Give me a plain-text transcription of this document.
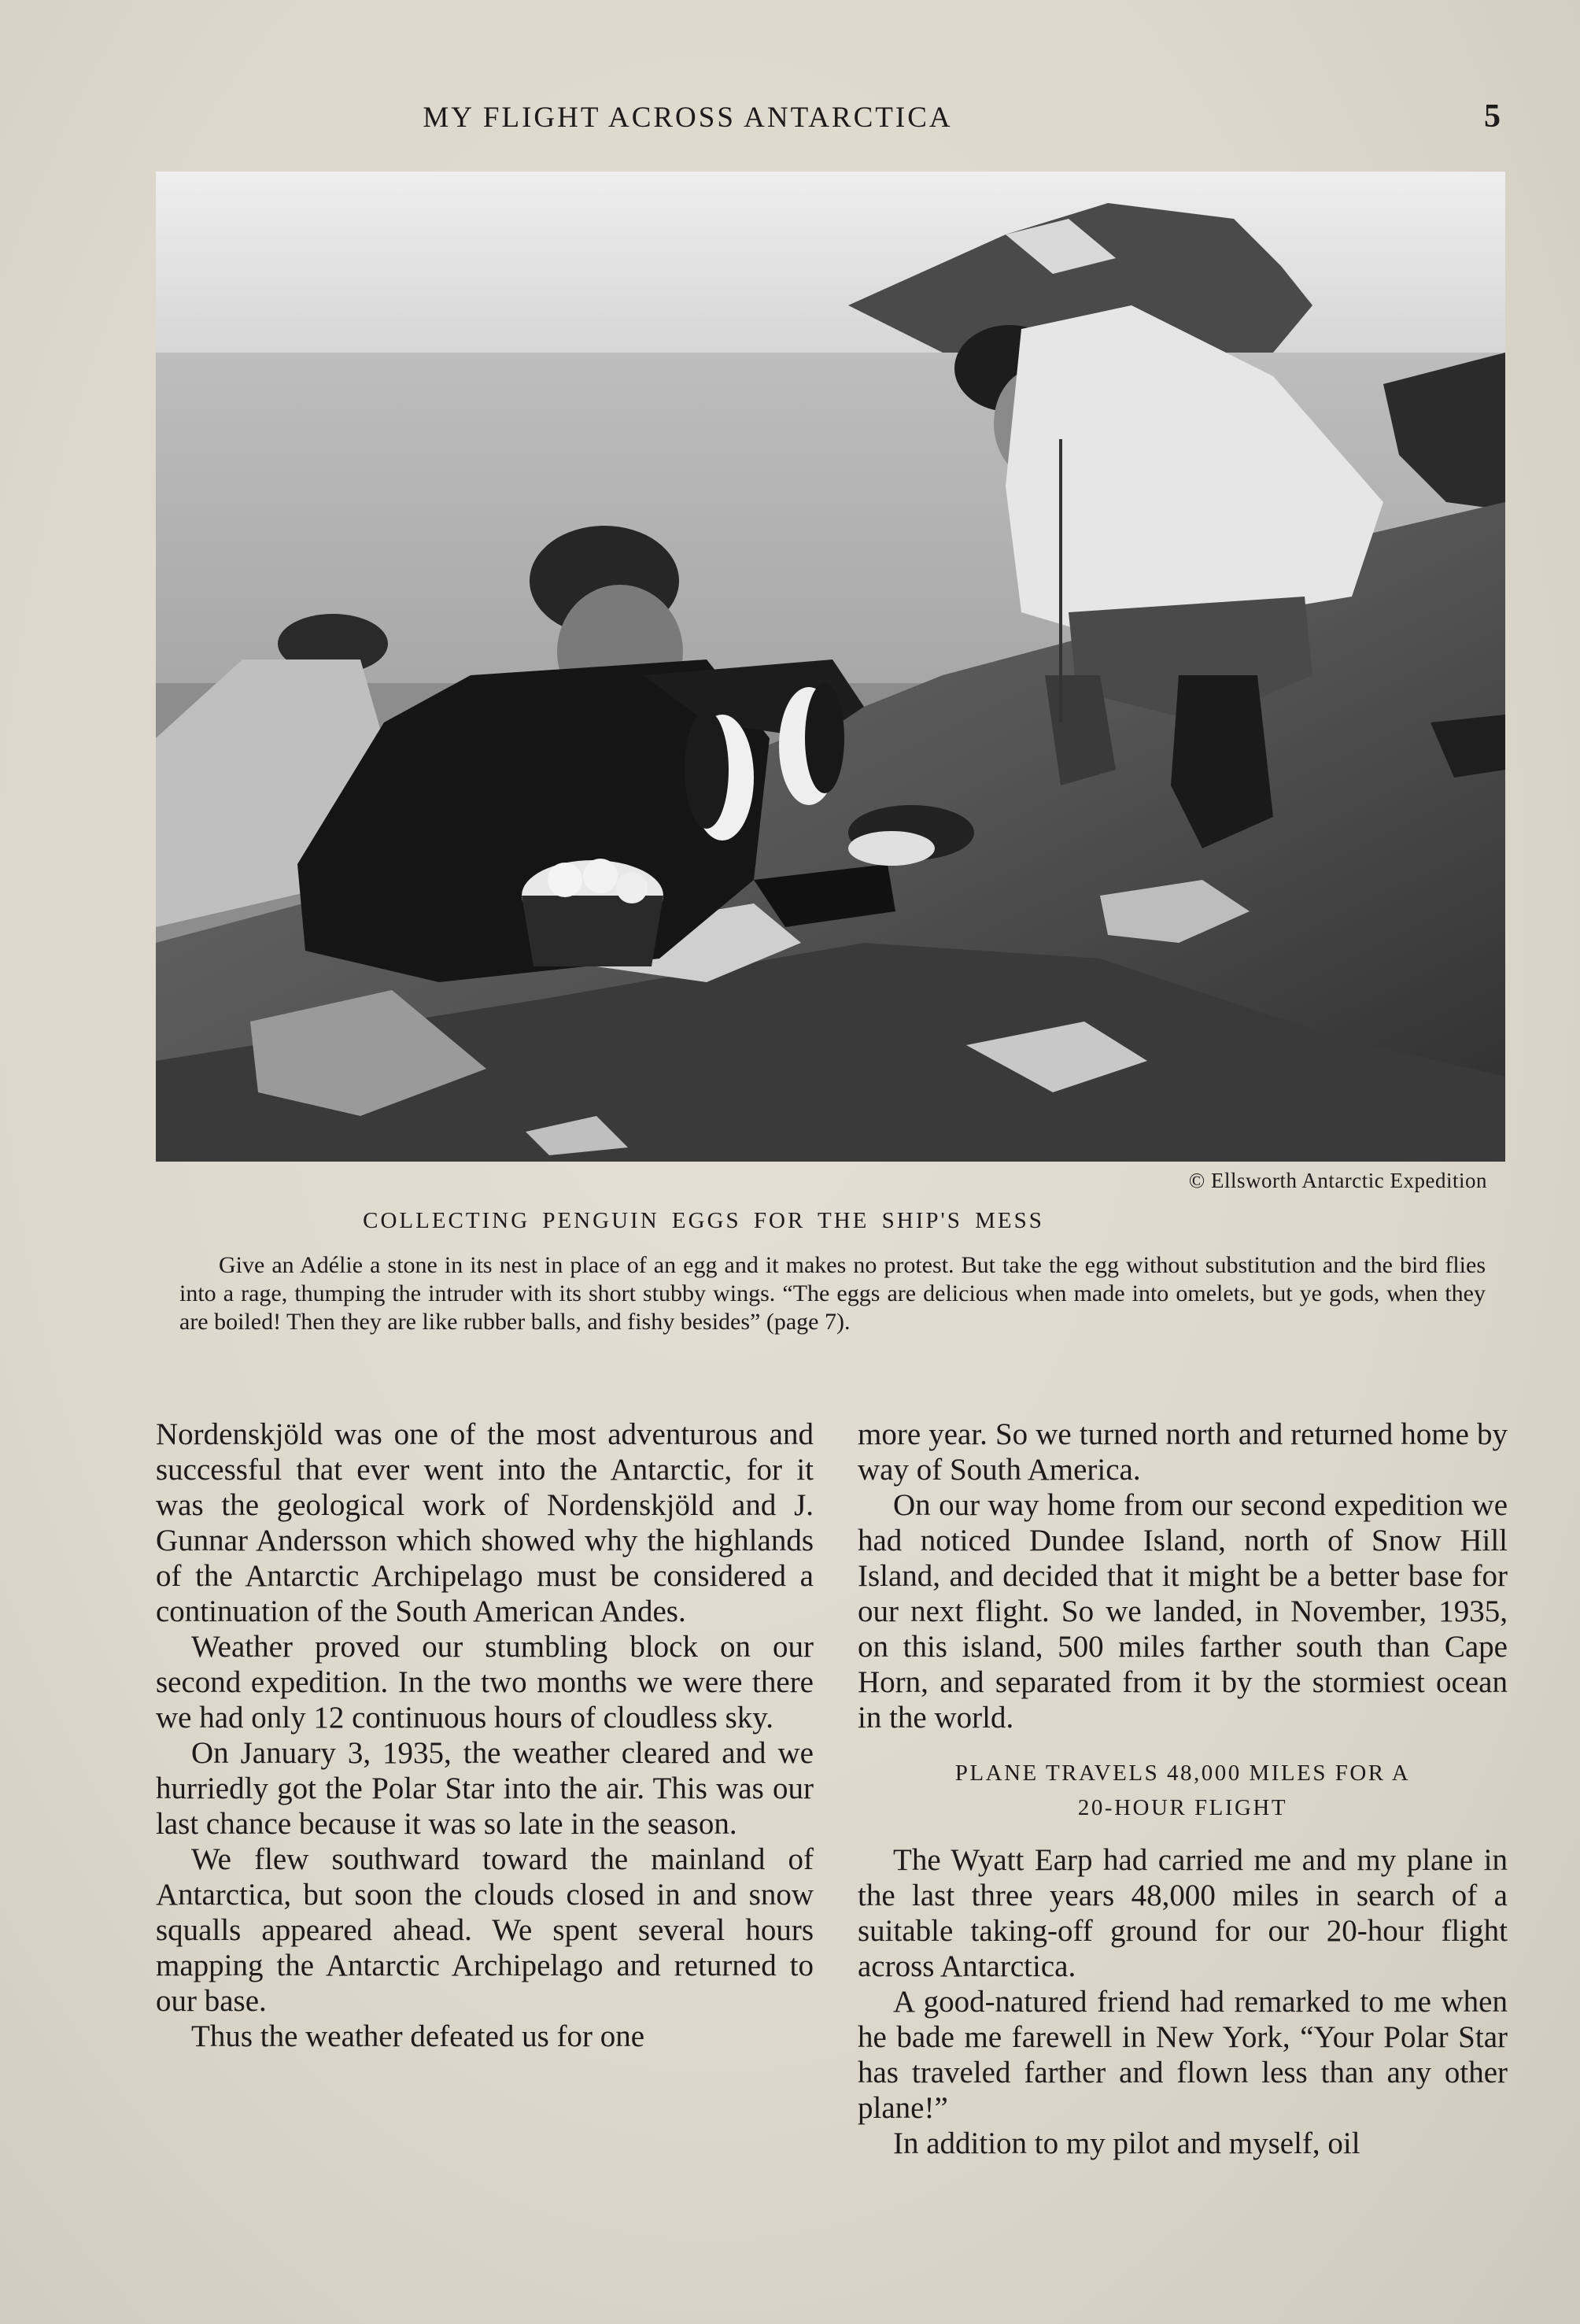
MY FLIGHT ACROSS ANTARCTICA	5
© Ellsworth Antarctic Expedition
COLLECTING PENGUIN EGGS FOR THE SHIP'S MESS
Give an Adélie a stone in its nest in place of an egg and it makes no protest. But take the egg without substitution and the bird flies into a rage, thumping the intruder with its short stubby wings. “The eggs are delicious when made into omelets, but ye gods, when they are boiled! Then they are like rubber balls, and fishy besides” (page 7).

Nordenskjöld was one of the most adventurous and successful that ever went into the Antarctic, for it was the geological work of Nordenskjöld and J. Gunnar Andersson which showed why the highlands of the Antarctic Archipelago must be considered a continuation of the South American Andes.

Weather proved our stumbling block on our second expedition. In the two months we were there we had only 12 continuous hours of cloudless sky.

On January 3, 1935, the weather cleared and we hurriedly got the Polar Star into the air. This was our last chance because it was so late in the season.

We flew southward toward the mainland of Antarctica, but soon the clouds closed in and snow squalls appeared ahead. We spent several hours mapping the Antarctic Archipelago and returned to our base.

Thus the weather defeated us for one

more year. So we turned north and returned home by way of South America.

On our way home from our second expedition we had noticed Dundee Island, north of Snow Hill Island, and decided that it might be a better base for our next flight. So we landed, in November, 1935, on this island, 500 miles farther south than Cape Horn, and separated from it by the stormiest ocean in the world.

PLANE TRAVELS 48,000 MILES FOR A
20-HOUR FLIGHT

The Wyatt Earp had carried me and my plane in the last three years 48,000 miles in search of a suitable taking-off ground for our 20-hour flight across Antarctica.

A good-natured friend had remarked to me when he bade me farewell in New York, “Your Polar Star has traveled farther and flown less than any other plane!”

In addition to my pilot and myself, oil
